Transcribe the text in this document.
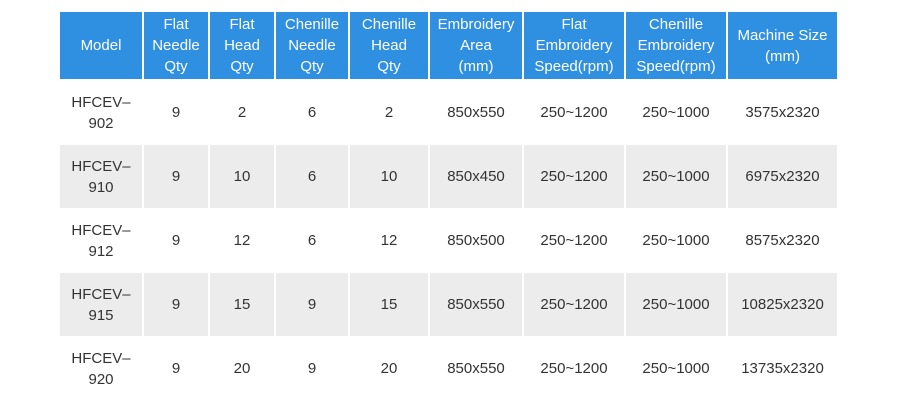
Model	Flat
Needle
Qty	Flat
Head
Qty	Chenille
Needle
Qty	Chenille
Head
Qty	Embroidery
Area
(mm)	Flat
Embroidery
Speed(rpm)	Chenille
Embroidery
Speed(rpm)	Machine Size
(mm)

HFCEV–
902	9	2	6	2	850x550	250~1200	250~1000	3575x2320

HFCEV–
910	9	10	6	10	850x450	250~1200	250~1000	6975x2320

HFCEV–
912	9	12	6	12	850x500	250~1200	250~1000	8575x2320

HFCEV–
915	9	15	9	15	850x550	250~1200	250~1000	10825x2320

HFCEV–
920	9	20	9	20	850x550	250~1200	250~1000	13735x2320
